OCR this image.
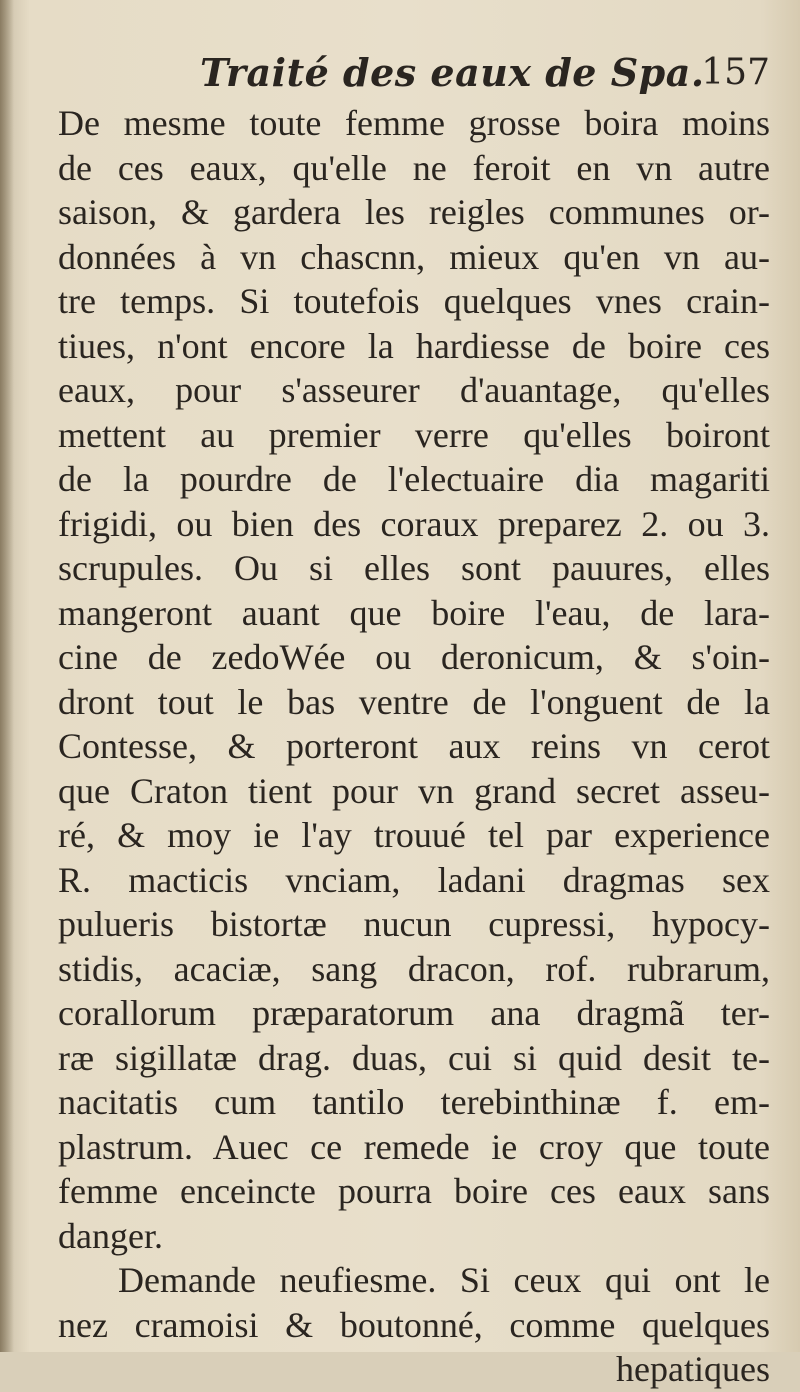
Traité des eaux de Spa.
157
De mesme toute femme grosse boira moins
de ces eaux, qu'elle ne feroit en vn autre
saison, & gardera les reigles communes or-
données à vn chascnn, mieux qu'en vn au-
tre temps. Si toutefois quelques vnes crain-
tiues, n'ont encore la hardiesse de boire ces
eaux, pour s'asseurer d'auantage, qu'elles
mettent au premier verre qu'elles boiront
de la pourdre de l'electuaire dia magariti
frigidi, ou bien des coraux preparez 2. ou 3.
scrupules. Ou si elles sont pauures, elles
mangeront auant que boire l'eau, de lara-
cine de zedoWée ou deronicum, & s'oin-
dront tout le bas ventre de l'onguent de la
Contesse, & porteront aux reins vn cerot
que Craton tient pour vn grand secret asseu-
ré, & moy ie l'ay trouué tel par experience
R. macticis vnciam, ladani dragmas sex
pulueris bistortæ nucun cupressi, hypocy-
stidis, acaciæ, sang dracon, rof. rubrarum,
corallorum præparatorum ana dragmã ter-
ræ sigillatæ drag. duas, cui si quid desit te-
nacitatis cum tantilo terebinthinæ f. em-
plastrum. Auec ce remede ie croy que toute
femme enceincte pourra boire ces eaux sans
danger.
Demande neufiesme. Si ceux qui ont le
nez cramoisi & boutonné, comme quelques
hepatiques
